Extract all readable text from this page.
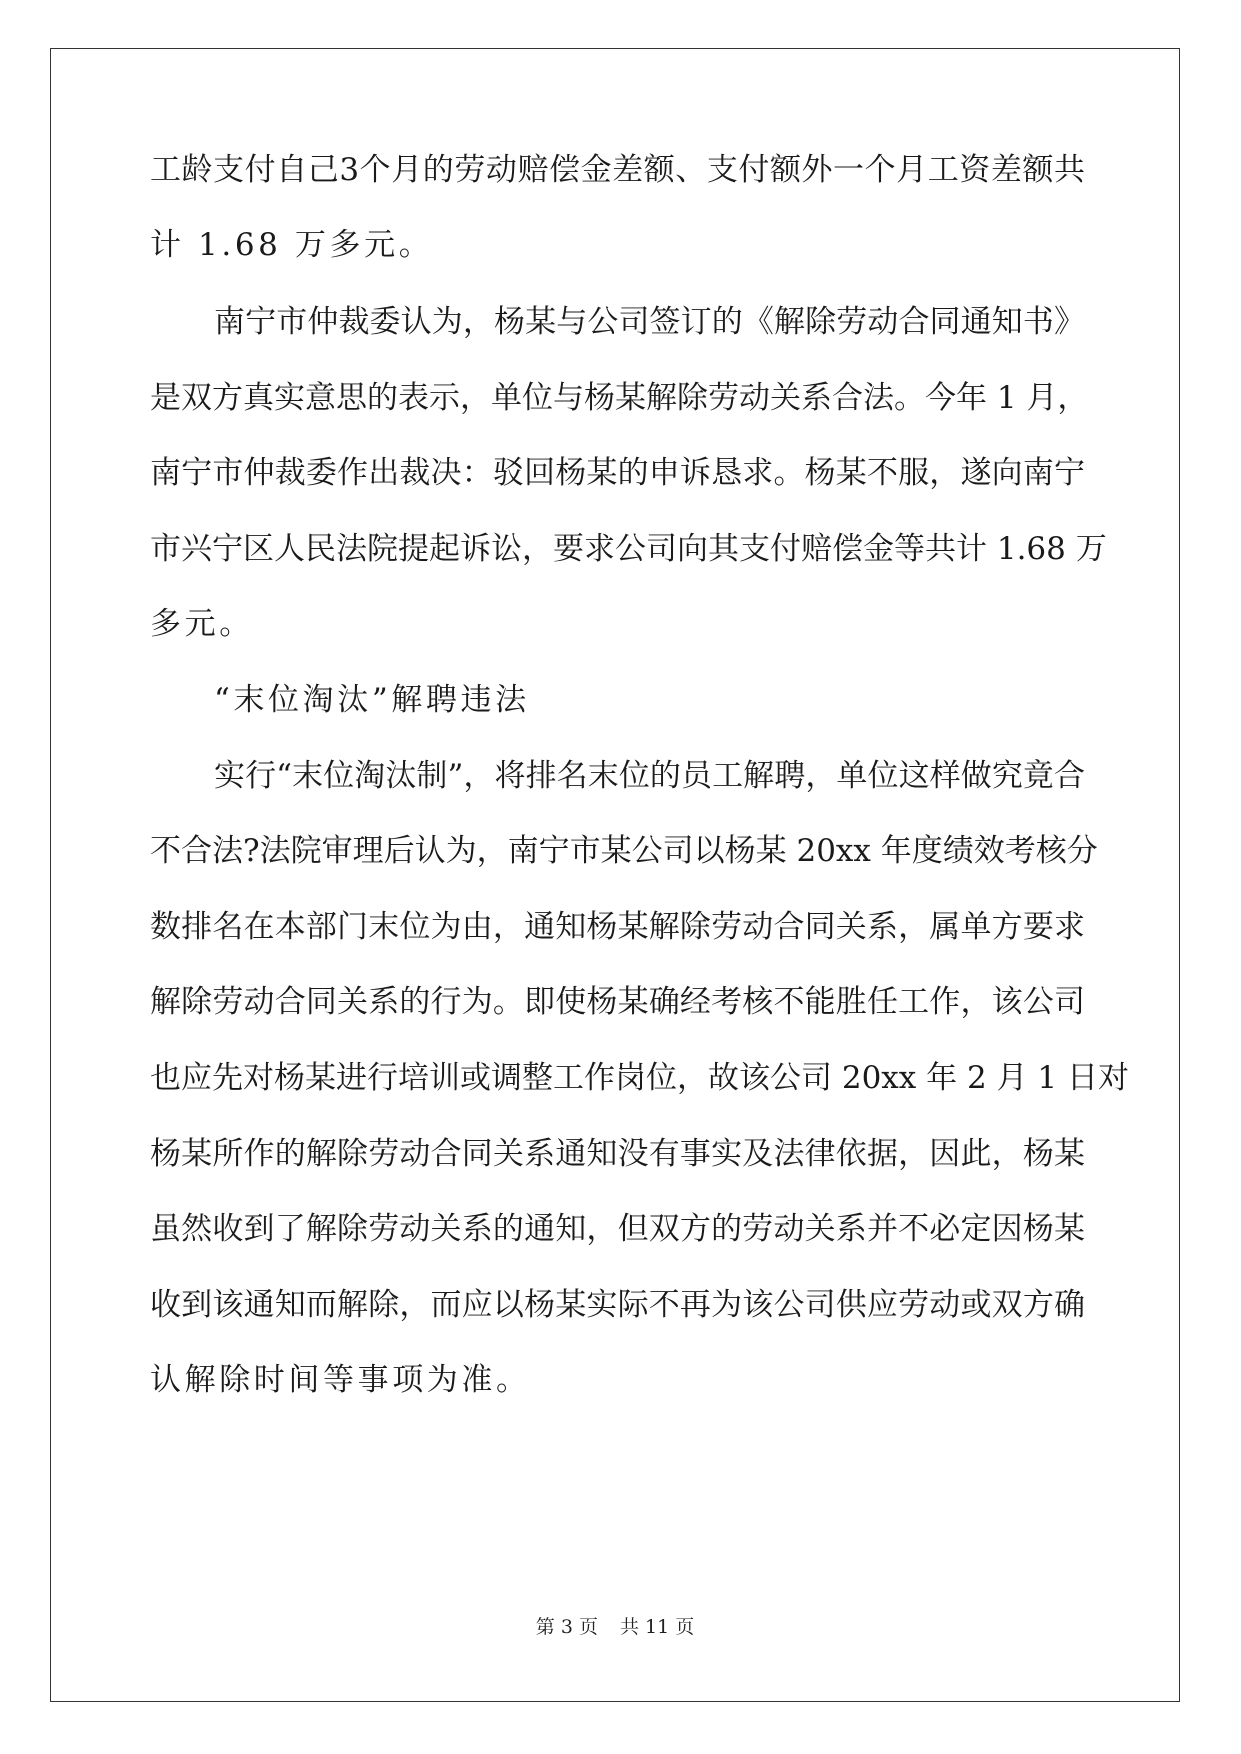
工龄支付自己3个月的劳动赔偿金差额、支付额外一个月工资差额共
计 1.68 万多元。
南宁市仲裁委认为，杨某与公司签订的《解除劳动合同通知书》
是双方真实意思的表示，单位与杨某解除劳动关系合法。今年 1 月，
南宁市仲裁委作出裁决：驳回杨某的申诉恳求。杨某不服，遂向南宁
市兴宁区人民法院提起诉讼，要求公司向其支付赔偿金等共计 1.68 万
多元。
“末位淘汰”解聘违法
实行“末位淘汰制”，将排名末位的员工解聘，单位这样做究竟合
不合法?法院审理后认为，南宁市某公司以杨某 20xx 年度绩效考核分
数排名在本部门末位为由，通知杨某解除劳动合同关系，属单方要求
解除劳动合同关系的行为。即使杨某确经考核不能胜任工作，该公司
也应先对杨某进行培训或调整工作岗位，故该公司 20xx 年 2 月 1 日对
杨某所作的解除劳动合同关系通知没有事实及法律依据，因此，杨某
虽然收到了解除劳动关系的通知，但双方的劳动关系并不必定因杨某
收到该通知而解除，而应以杨某实际不再为该公司供应劳动或双方确
认解除时间等事项为准。
第 3 页 共 11 页
